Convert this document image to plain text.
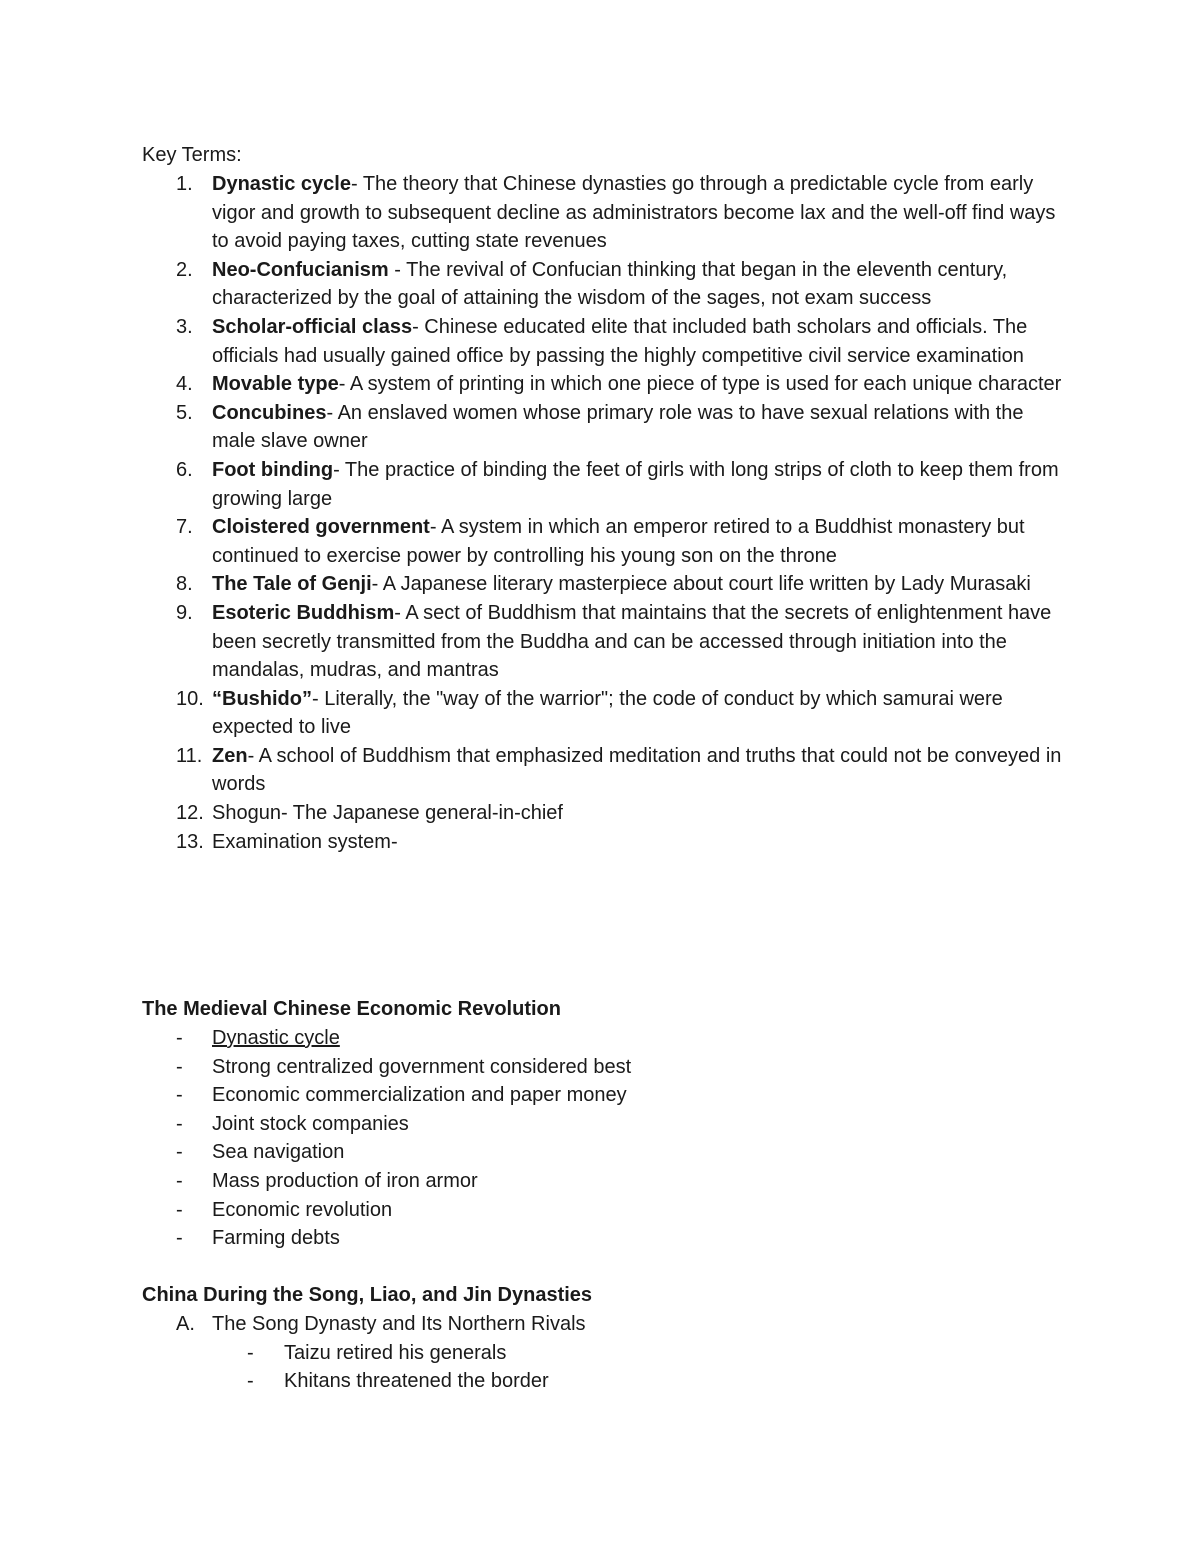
Key Terms:
1. Dynastic cycle- The theory that Chinese dynasties go through a predictable cycle from early vigor and growth to subsequent decline as administrators become lax and the well-off find ways to avoid paying taxes, cutting state revenues
2. Neo-Confucianism - The revival of Confucian thinking that began in the eleventh century, characterized by the goal of attaining the wisdom of the sages, not exam success
3. Scholar-official class- Chinese educated elite that included bath scholars and officials. The officials had usually gained office by passing the highly competitive civil service examination
4. Movable type- A system of printing in which one piece of type is used for each unique character
5. Concubines- An enslaved women whose primary role was to have sexual relations with the male slave owner
6. Foot binding- The practice of binding the feet of girls with long strips of cloth to keep them from growing large
7. Cloistered government- A system in which an emperor retired to a Buddhist monastery but continued to exercise power by controlling his young son on the throne
8. The Tale of Genji- A Japanese literary masterpiece about court life written by Lady Murasaki
9. Esoteric Buddhism- A sect of Buddhism that maintains that the secrets of enlightenment have been secretly transmitted from the Buddha and can be accessed through initiation into the mandalas, mudras, and mantras
10. “Bushido”- Literally, the "way of the warrior"; the code of conduct by which samurai were expected to live
11. Zen- A school of Buddhism that emphasized meditation and truths that could not be conveyed in words
12. Shogun- The Japanese general-in-chief
13. Examination system-
The Medieval Chinese Economic Revolution
- Dynastic cycle
- Strong centralized government considered best
- Economic commercialization and paper money
- Joint stock companies
- Sea navigation
- Mass production of iron armor
- Economic revolution
- Farming debts
China During the Song, Liao, and Jin Dynasties
A. The Song Dynasty and Its Northern Rivals
- Taizu retired his generals
- Khitans threatened the border
